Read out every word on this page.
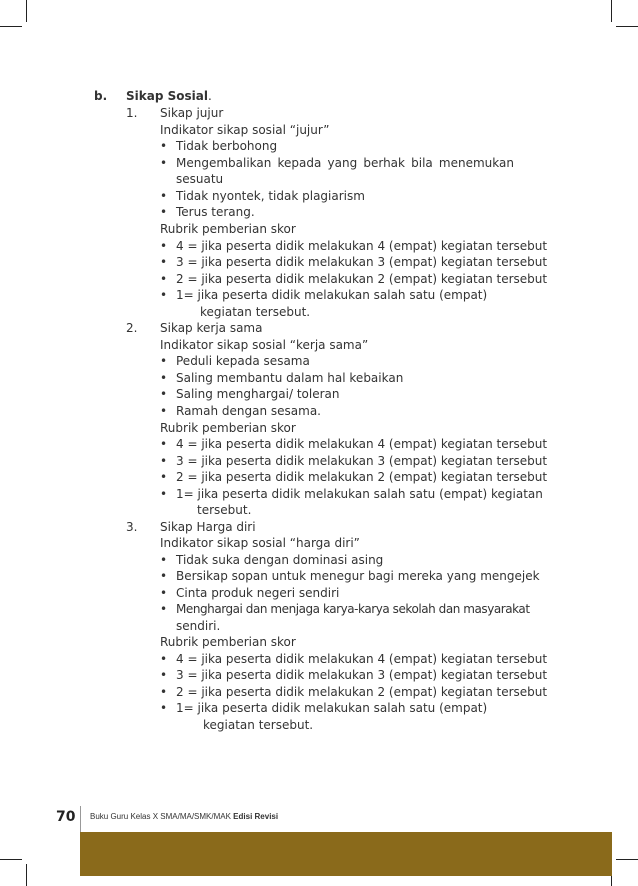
b. Sikap Sosial.
1. Sikap jujur
Indikator sikap sosial “jujur”
• Tidak berbohong
• Mengembalikan kepada yang berhak bila menemukan
sesuatu
• Tidak nyontek, tidak plagiarism
• Terus terang.
Rubrik pemberian skor
• 4 = jika peserta didik melakukan 4 (empat) kegiatan tersebut
• 3 = jika peserta didik melakukan 3 (empat) kegiatan tersebut
• 2 = jika peserta didik melakukan 2 (empat) kegiatan tersebut
• 1= jika peserta didik melakukan salah satu (empat)
kegiatan tersebut.
2. Sikap kerja sama
Indikator sikap sosial “kerja sama”
• Peduli kepada sesama
• Saling membantu dalam hal kebaikan
• Saling menghargai/ toleran
• Ramah dengan sesama.
Rubrik pemberian skor
• 4 = jika peserta didik melakukan 4 (empat) kegiatan tersebut
• 3 = jika peserta didik melakukan 3 (empat) kegiatan tersebut
• 2 = jika peserta didik melakukan 2 (empat) kegiatan tersebut
• 1= jika peserta didik melakukan salah satu (empat) kegiatan
tersebut.
3. Sikap Harga diri
Indikator sikap sosial “harga diri”
• Tidak suka dengan dominasi asing
• Bersikap sopan untuk menegur bagi mereka yang mengejek
• Cinta produk negeri sendiri
• Menghargai dan menjaga karya-karya sekolah dan masyarakat
sendiri.
Rubrik pemberian skor
• 4 = jika peserta didik melakukan 4 (empat) kegiatan tersebut
• 3 = jika peserta didik melakukan 3 (empat) kegiatan tersebut
• 2 = jika peserta didik melakukan 2 (empat) kegiatan tersebut
• 1= jika peserta didik melakukan salah satu (empat)
kegiatan tersebut.
70 Buku Guru Kelas X SMA/MA/SMK/MAK Edisi Revisi
